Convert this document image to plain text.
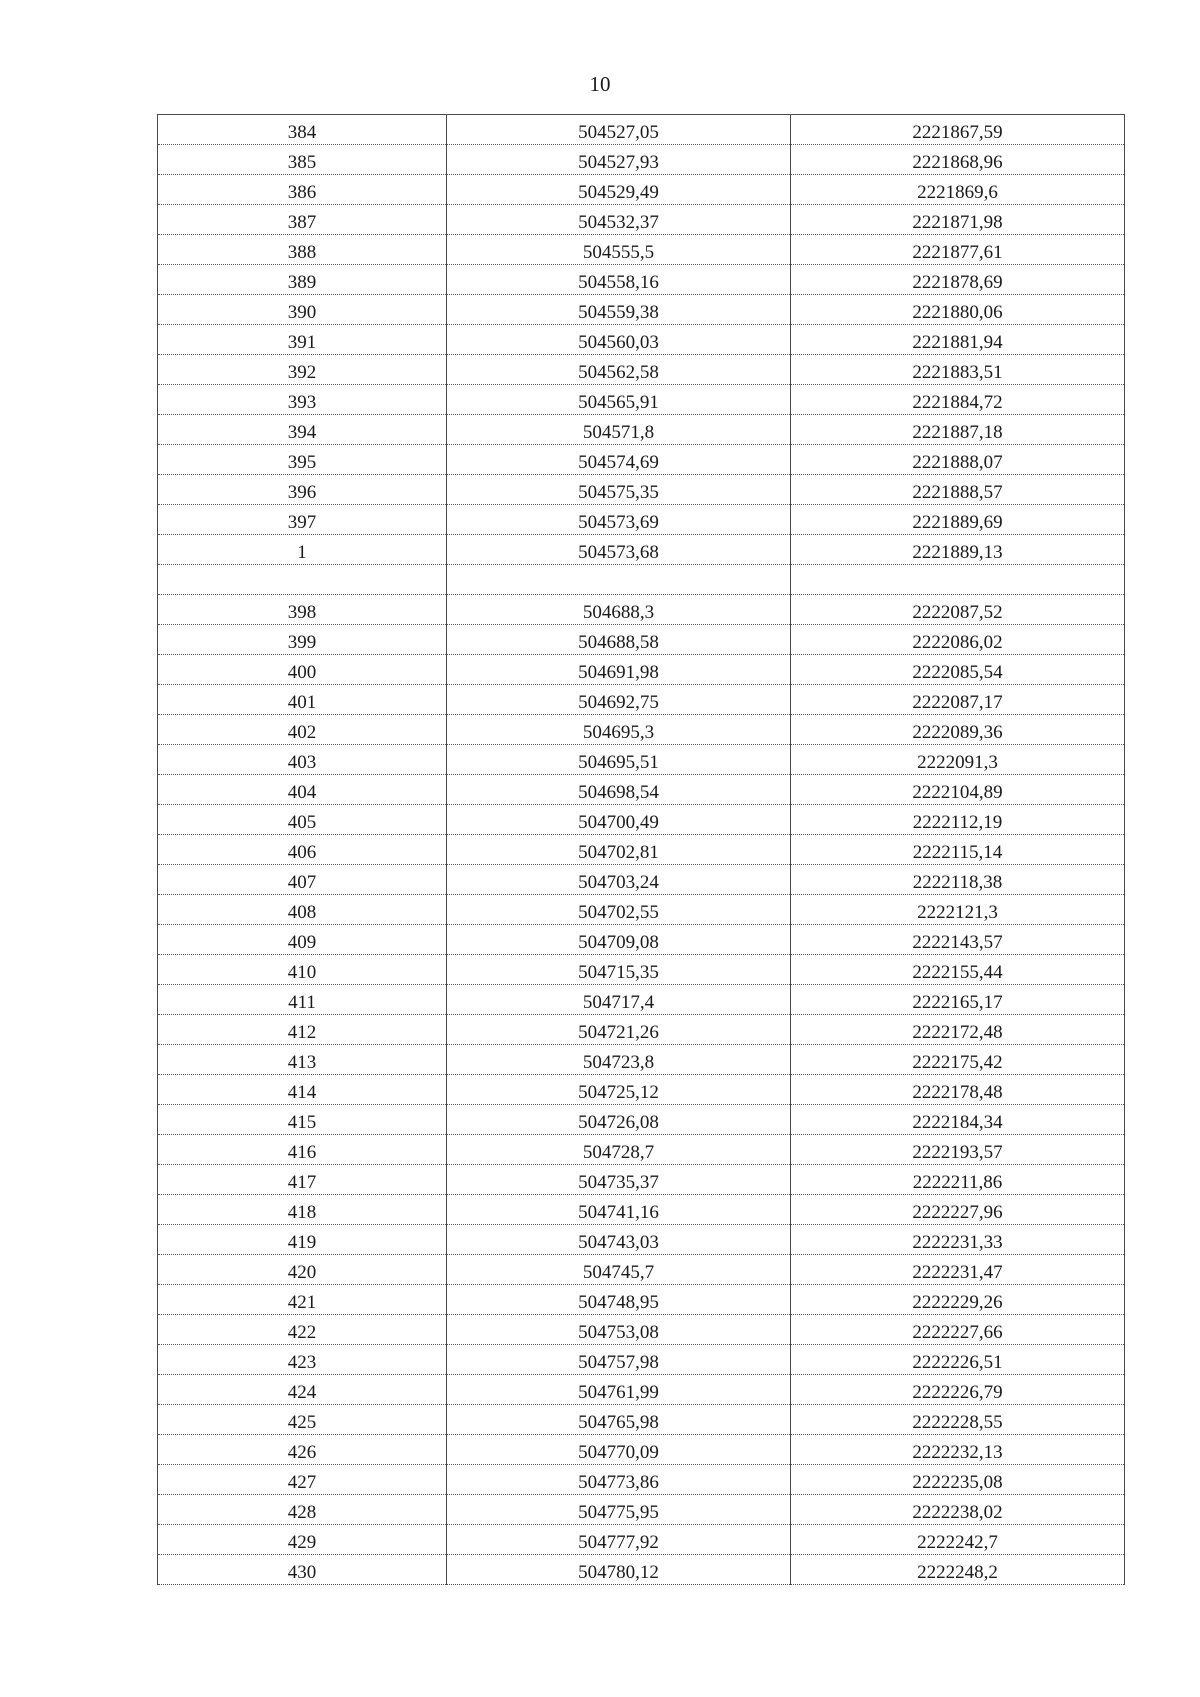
10
384	504527,05	2221867,59
385	504527,93	2221868,96
386	504529,49	2221869,6
387	504532,37	2221871,98
388	504555,5	2221877,61
389	504558,16	2221878,69
390	504559,38	2221880,06
391	504560,03	2221881,94
392	504562,58	2221883,51
393	504565,91	2221884,72
394	504571,8	2221887,18
395	504574,69	2221888,07
396	504575,35	2221888,57
397	504573,69	2221889,69
1	504573,68	2221889,13

398	504688,3	2222087,52
399	504688,58	2222086,02
400	504691,98	2222085,54
401	504692,75	2222087,17
402	504695,3	2222089,36
403	504695,51	2222091,3
404	504698,54	2222104,89
405	504700,49	2222112,19
406	504702,81	2222115,14
407	504703,24	2222118,38
408	504702,55	2222121,3
409	504709,08	2222143,57
410	504715,35	2222155,44
411	504717,4	2222165,17
412	504721,26	2222172,48
413	504723,8	2222175,42
414	504725,12	2222178,48
415	504726,08	2222184,34
416	504728,7	2222193,57
417	504735,37	2222211,86
418	504741,16	2222227,96
419	504743,03	2222231,33
420	504745,7	2222231,47
421	504748,95	2222229,26
422	504753,08	2222227,66
423	504757,98	2222226,51
424	504761,99	2222226,79
425	504765,98	2222228,55
426	504770,09	2222232,13
427	504773,86	2222235,08
428	504775,95	2222238,02
429	504777,92	2222242,7
430	504780,12	2222248,2
